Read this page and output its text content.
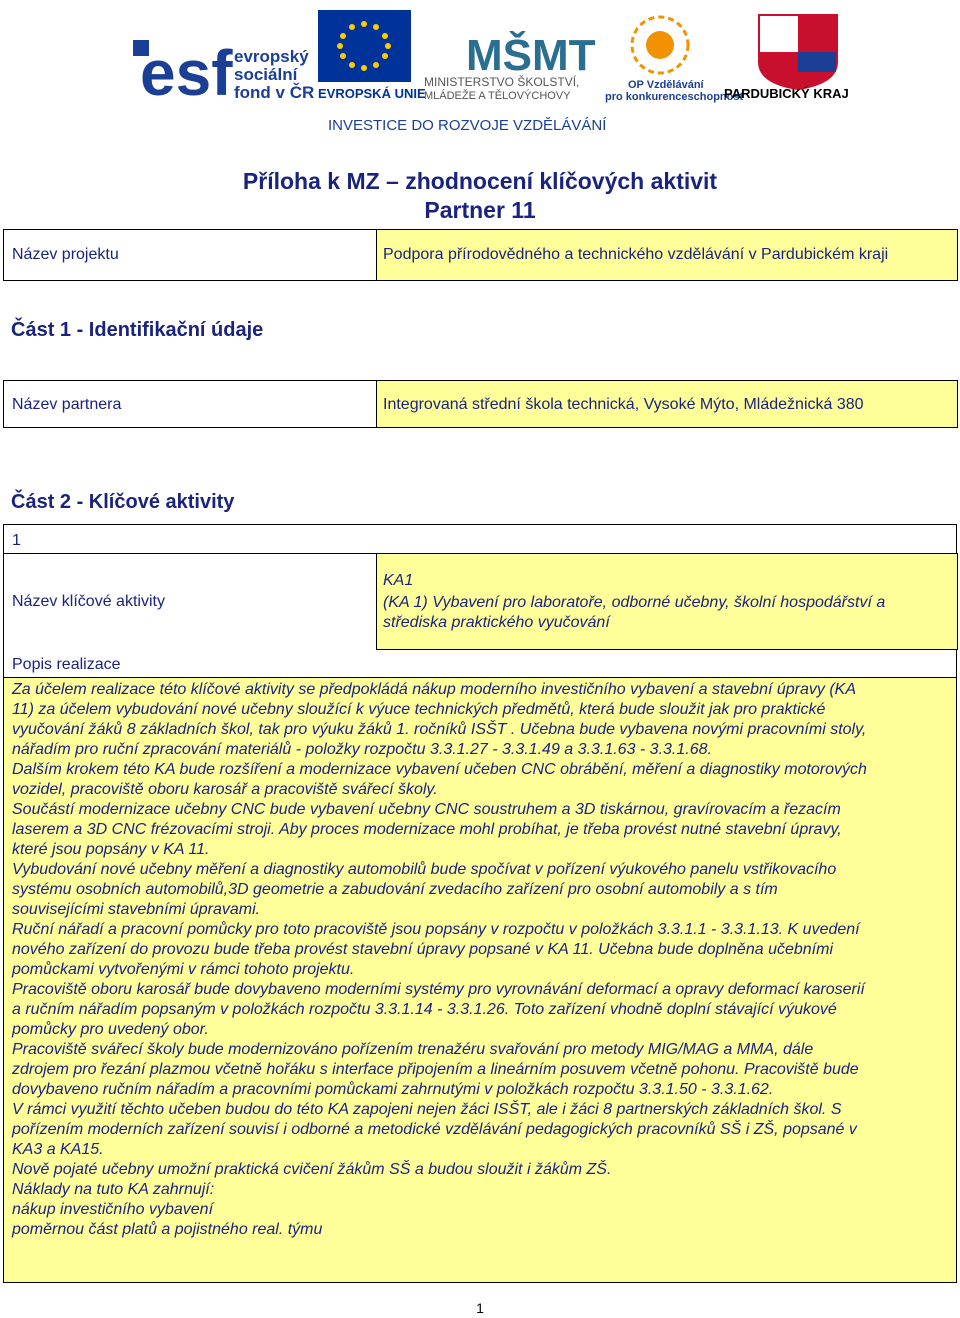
esf evropský
sociální
fond v ČR EVROPSKÁ UNIE
MŠMT
MINISTERSTVO ŠKOLSTVÍ,
MLÁDEŽE A TĚLOVÝCHOVY
OP Vzdělávání
pro konkurenceschopnost
PARDUBICKÝ KRAJ
INVESTICE DO ROZVOJE VZDĚLÁVÁNÍ
Příloha k MZ – zhodnocení klíčových aktivit
Partner 11
Název projektu	Podpora přírodovědného a technického vzdělávání v Pardubickém kraji
Část 1 - Identifikační údaje
Název partnera	Integrovaná střední škola technická, Vysoké Mýto, Mládežnická 380
Část 2 - Klíčové aktivity
1
Název klíčové aktivity
KA1
(KA 1) Vybavení pro laboratoře, odborné učebny, školní hospodářství a
střediska praktického vyučování
Popis realizace
Za účelem realizace této klíčové aktivity se předpokládá nákup moderního investičního vybavení a stavební úpravy (KA
11) za účelem vybudování nové učebny sloužící k výuce technických předmětů, která bude sloužit jak pro praktické
vyučování žáků 8 základních škol, tak pro výuku žáků 1. ročníků ISŠT . Učebna bude vybavena novými pracovními stoly,
nářadím pro ruční zpracování materiálů - položky rozpočtu 3.3.1.27 - 3.3.1.49 a 3.3.1.63 - 3.3.1.68.
Dalším krokem této KA bude rozšíření a modernizace vybavení učeben CNC obrábění, měření a diagnostiky motorových
vozidel, pracoviště oboru karosář a pracoviště svářecí školy.
Součástí modernizace učebny CNC bude vybavení učebny CNC soustruhem a 3D tiskárnou, gravírovacím a řezacím
laserem a 3D CNC frézovacími stroji. Aby proces modernizace mohl probíhat, je třeba provést nutné stavební úpravy,
které jsou popsány v KA 11.
Vybudování nové učebny měření a diagnostiky automobilů bude spočívat v pořízení výukového panelu vstřikovacího
systému osobních automobilů,3D geometrie a zabudování zvedacího zařízení pro osobní automobily a s tím
souvisejícími stavebními úpravami.
Ruční nářadí a pracovní pomůcky pro toto pracoviště jsou popsány v rozpočtu v položkách 3.3.1.1 - 3.3.1.13. K uvedení
nového zařízení do provozu bude třeba provést stavební úpravy popsané v KA 11. Učebna bude doplněna učebními
pomůckami vytvořenými v rámci tohoto projektu.
Pracoviště oboru karosář bude dovybaveno moderními systémy pro vyrovnávání deformací a opravy deformací karoserií
a ručním nářadím popsaným v položkách rozpočtu 3.3.1.14 - 3.3.1.26. Toto zařízení vhodně doplní stávající výukové
pomůcky pro uvedený obor.
Pracoviště svářecí školy bude modernizováno pořízením trenažéru svařování pro metody MIG/MAG a MMA, dále
zdrojem pro řezání plazmou včetně hořáku s interface připojením a lineárním posuvem včetně pohonu. Pracoviště bude
dovybaveno ručním nářadím a pracovními pomůckami zahrnutými v položkách rozpočtu 3.3.1.50 - 3.3.1.62.
V rámci využití těchto učeben budou do této KA zapojeni nejen žáci ISŠT, ale i žáci 8 partnerských základních škol. S
pořízením moderních zařízení souvisí i odborné a metodické vzdělávání pedagogických pracovníků SŠ i ZŠ, popsané v
KA3 a KA15.
Nově pojaté učebny umožní praktická cvičení žákům SŠ a budou sloužit i žákům ZŠ.
Náklady na tuto KA zahrnují:
nákup investičního vybavení
poměrnou část platů a pojistného real. týmu
1
